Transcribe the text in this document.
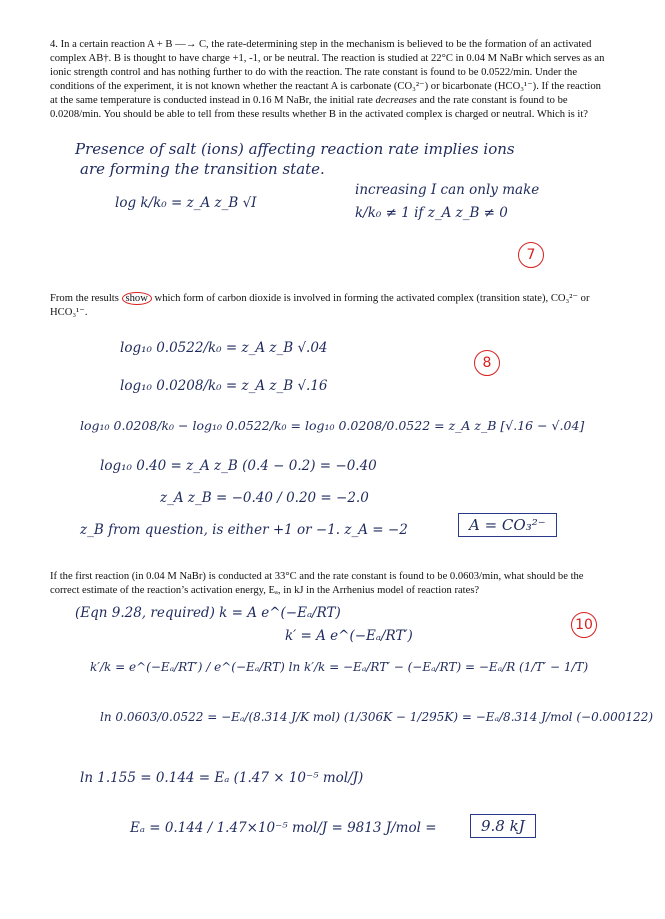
4. In a certain reaction A + B —→ C, the rate-determining step in the mechanism is believed to be the formation of an activated complex AB†. B is thought to have charge +1, -1, or be neutral. The reaction is studied at 22°C in 0.04 M NaBr which serves as an ionic strength control and has nothing further to do with the reaction. The rate constant is found to be 0.0522/min. Under the conditions of the experiment, it is not known whether the reactant A is carbonate (CO₃²⁻) or bicarbonate (HCO₃¹⁻). If the reaction at the same temperature is conducted instead in 0.16 M NaBr, the initial rate decreases and the rate constant is found to be 0.0208/min. You should be able to tell from these results whether B in the activated complex is charged or neutral. Which is it?
Presence of salt (ions) affecting reaction rate implies ions
are forming the transition state.
log k/k₀ = z_A z_B √I
increasing I can only make
k/k₀ ≠ 1 if z_A z_B ≠ 0
7
From the results show which form of carbon dioxide is involved in forming the activated complex (transition state), CO₃²⁻ or HCO₃¹⁻.
log₁₀ 0.0522/k₀ = z_A z_B √.04
log₁₀ 0.0208/k₀ = z_A z_B √.16
8
log₁₀ 0.0208/k₀ − log₁₀ 0.0522/k₀ = log₁₀ 0.0208/0.0522 = z_A z_B [√.16 − √.04]
log₁₀ 0.40 = z_A z_B (0.4 − 0.2) = −0.40
z_A z_B = −0.40 / 0.20 = −2.0
z_B from question, is either +1 or −1. z_A = −2	A = CO₃²⁻
If the first reaction (in 0.04 M NaBr) is conducted at 33°C and the rate constant is found to be 0.0603/min, what should be the correct estimate of the reaction’s activation energy, Eₐ, in kJ in the Arrhenius model of reaction rates?
(Eqn 9.28, required) k = A e^(−Eₐ/RT)
k′ = A e^(−Eₐ/RT′)
10
k′/k = e^(−Eₐ/RT′) / e^(−Eₐ/RT) ln k′/k = −Eₐ/RT′ − (−Eₐ/RT) = −Eₐ/R (1/T′ − 1/T)
ln 0.0603/0.0522 = −Eₐ/(8.314 J/K mol) (1/306K − 1/295K) = −Eₐ/8.314 J/mol (−0.000122)
ln 1.155 = 0.144 = Eₐ (1.47 × 10⁻⁵ mol/J)
Eₐ = 0.144 / 1.47×10⁻⁵ mol/J = 9813 J/mol =	9.8 kJ
